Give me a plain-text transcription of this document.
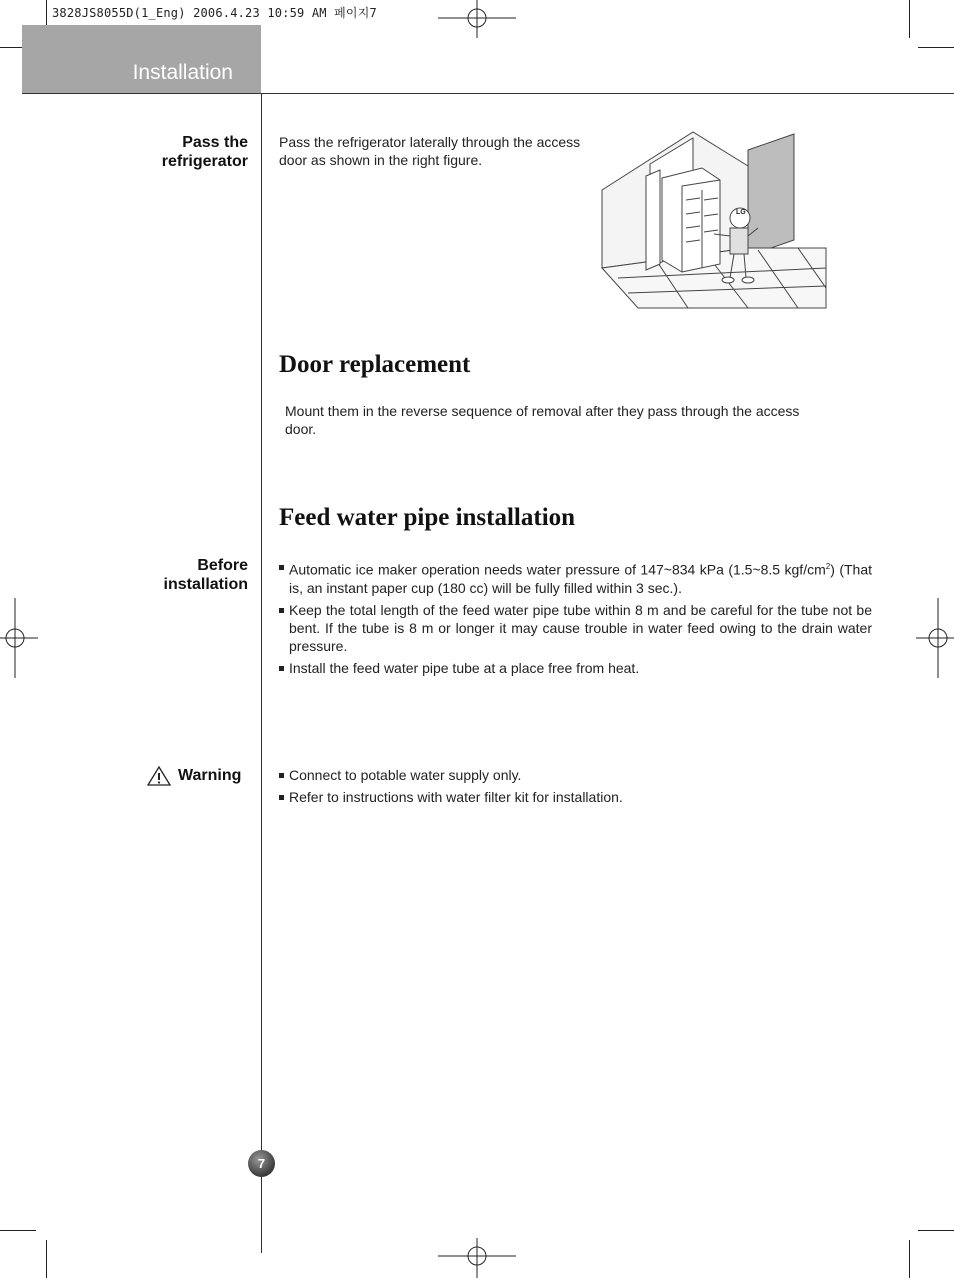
3828JS8055D(1_Eng) 2006.4.23 10:59 AM 페이지7
Installation
Pass the
refrigerator
Pass the refrigerator laterally through the access
door as shown in the right figure.
LG
Door replacement
Mount them in the reverse sequence of removal after they pass through the access
door.
Feed water pipe installation
Before
installation
Automatic ice maker operation needs water pressure of 147~834 kPa (1.5~8.5 kgf/$cm^2$) (That is, an instant paper cup (180 cc) will be fully filled within 3 sec.).
Keep the total length of the feed water pipe tube within 8 m and be careful for the tube not be bent. If the tube is 8 m or longer it may cause trouble in water feed owing to the drain water pressure.
Install the feed water pipe tube at a place free from heat.
Warning	Connect to potable water supply only.
Refer to instructions with water filter kit for installation.
7
